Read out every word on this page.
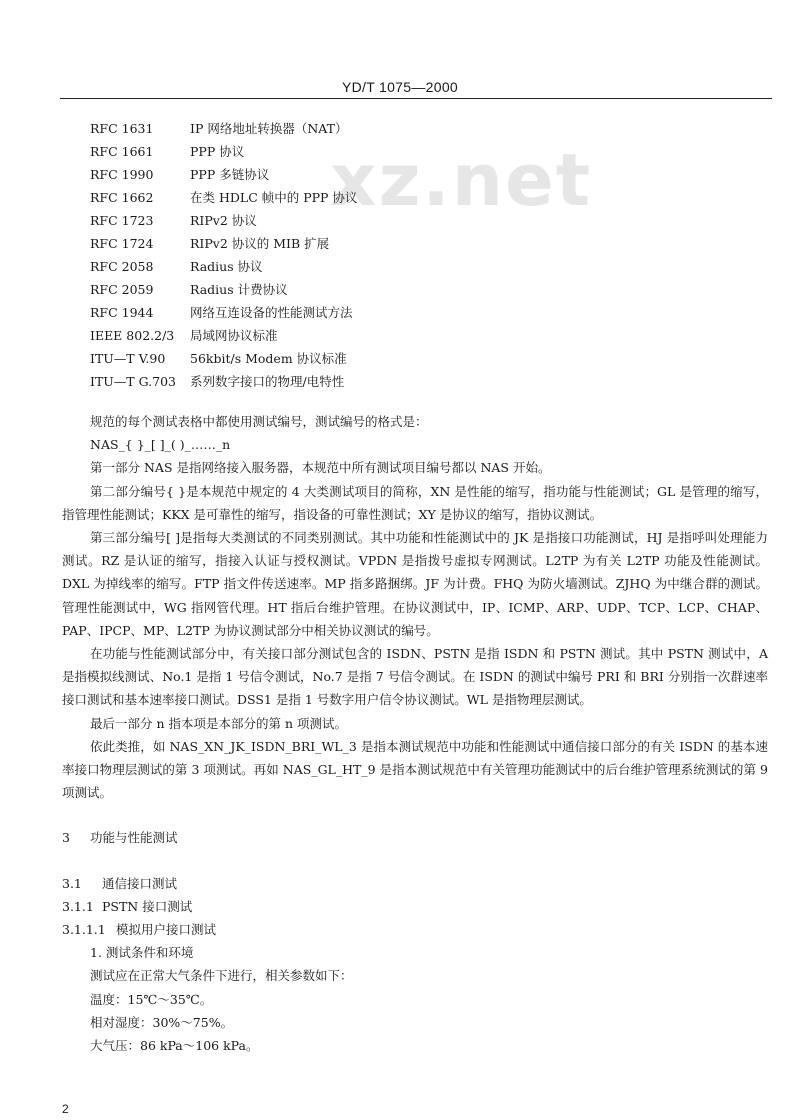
YD/T 1075—2000
xz.net
RFC 1631	IP 网络地址转换器（NAT）
RFC 1661	PPP 协议
RFC 1990	PPP 多链协议
RFC 1662	在类 HDLC 帧中的 PPP 协议
RFC 1723	RIPv2 协议
RFC 1724	RIPv2 协议的 MIB 扩展
RFC 2058	Radius 协议
RFC 2059	Radius 计费协议
RFC 1944	网络互连设备的性能测试方法
IEEE 802.2/3	局域网协议标准
ITU—T V.90	56kbit/s Modem 协议标准
ITU—T G.703	系列数字接口的物理/电特性

规范的每个测试表格中都使用测试编号，测试编号的格式是：

NAS_{ }_[ ]_( )_……_n

第一部分 NAS 是指网络接入服务器，本规范中所有测试项目编号都以 NAS 开始。

第二部分编号{ }是本规范中规定的 4 大类测试项目的简称，XN 是性能的缩写，指功能与性能测试；GL 是管理的缩写，指管理性能测试；KKX 是可靠性的缩写，指设备的可靠性测试；XY 是协议的缩写，指协议测试。

第三部分编号[ ]是指每大类测试的不同类别测试。其中功能和性能测试中的 JK 是指接口功能测试，HJ 是指呼叫处理能力测试。RZ 是认证的缩写，指接入认证与授权测试。VPDN 是指拨号虚拟专网测试。L2TP 为有关 L2TP 功能及性能测试。DXL 为掉线率的缩写。FTP 指文件传送速率。MP 指多路捆绑。JF 为计费。FHQ 为防火墙测试。ZJHQ 为中继合群的测试。管理性能测试中，WG 指网管代理。HT 指后台维护管理。在协议测试中，IP、ICMP、ARP、UDP、TCP、LCP、CHAP、PAP、IPCP、MP、L2TP 为协议测试部分中相关协议测试的编号。

在功能与性能测试部分中，有关接口部分测试包含的 ISDN、PSTN 是指 ISDN 和 PSTN 测试。其中 PSTN 测试中，A 是指模拟线测试、No.1 是指 1 号信令测试，No.7 是指 7 号信令测试。在 ISDN 的测试中编号 PRI 和 BRI 分别指一次群速率接口测试和基本速率接口测试。DSS1 是指 1 号数字用户信令协议测试。WL 是指物理层测试。

最后一部分 n 指本项是本部分的第 n 项测试。

依此类推，如 NAS_XN_JK_ISDN_BRI_WL_3 是指本测试规范中功能和性能测试中通信接口部分的有关 ISDN 的基本速率接口物理层测试的第 3 项测试。再如 NAS_GL_HT_9 是指本测试规范中有关管理功能测试中的后台维护管理系统测试的第 9 项测试。

3 功能与性能测试

3.1 通信接口测试

3.1.1 PSTN 接口测试

3.1.1.1 模拟用户接口测试

1. 测试条件和环境

测试应在正常大气条件下进行，相关参数如下：

温度：15℃～35℃。

相对湿度：30%～75%。

大气压：86 kPa～106 kPa。

2
